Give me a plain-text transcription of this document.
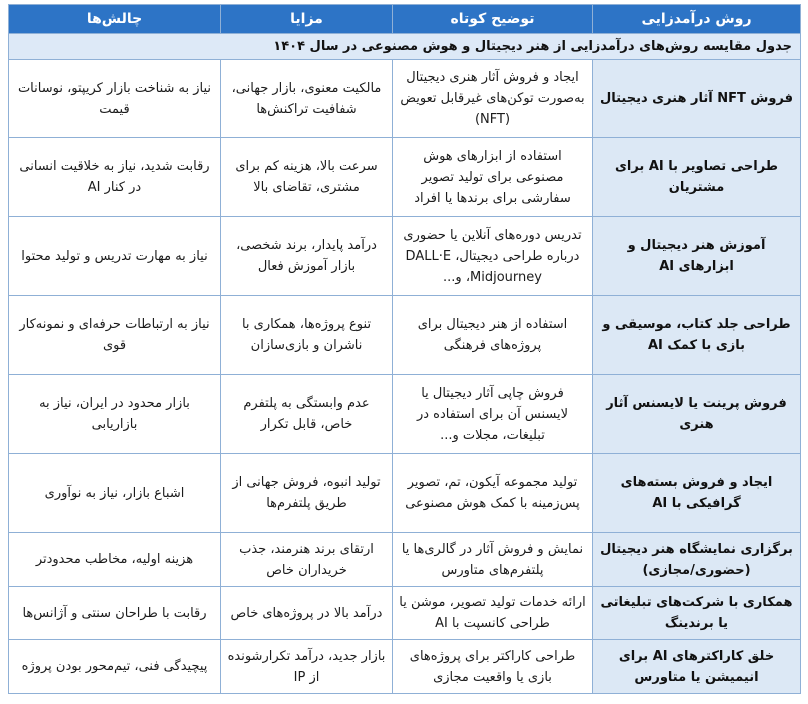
روش درآمدزایی	توضیح کوتاه	مزایا	چالش‌ها
جدول مقایسه روش‌های درآمدزایی از هنر دیجیتال و هوش مصنوعی در سال ۱۴۰۴			
فروش NFT آثار هنری دیجیتال	ایجاد و فروش آثار هنری دیجیتال به‌صورت توکن‌های غیرقابل تعویض (NFT)	مالکیت معنوی، بازار جهانی، شفافیت تراکنش‌ها	نیاز به شناخت بازار کریپتو، نوسانات قیمت
طراحی تصاویر با AI برای مشتریان	استفاده از ابزارهای هوش مصنوعی برای تولید تصویر سفارشی برای برندها یا افراد	سرعت بالا، هزینه کم برای مشتری، تقاضای بالا	رقابت شدید، نیاز به خلاقیت انسانی در کنار AI
آموزش هنر دیجیتال و ابزارهای AI	تدریس دوره‌های آنلاین یا حضوری درباره طراحی دیجیتال، DALL·E ،Midjourney و...	درآمد پایدار، برند شخصی، بازار آموزش فعال	نیاز به مهارت تدریس و تولید محتوا
طراحی جلد کتاب، موسیقی و بازی با کمک AI	استفاده از هنر دیجیتال برای پروژه‌های فرهنگی	تنوع پروژه‌ها، همکاری با ناشران و بازی‌سازان	نیاز به ارتباطات حرفه‌ای و نمونه‌کار قوی
فروش پرینت یا لایسنس آثار هنری	فروش چاپی آثار دیجیتال یا لایسنس آن برای استفاده در تبلیغات، مجلات و...	عدم وابستگی به پلتفرم خاص، قابل تکرار	بازار محدود در ایران، نیاز به بازاریابی
ایجاد و فروش بسته‌های گرافیکی با AI	تولید مجموعه آیکون، تم، تصویر پس‌زمینه با کمک هوش مصنوعی	تولید انبوه، فروش جهانی از طریق پلتفرم‌ها	اشباع بازار، نیاز به نوآوری
برگزاری نمایشگاه هنر دیجیتال (حضوری/مجازی)	نمایش و فروش آثار در گالری‌ها یا پلتفرم‌های متاورس	ارتقای برند هنرمند، جذب خریداران خاص	هزینه اولیه، مخاطب محدودتر
همکاری با شرکت‌های تبلیغاتی یا برندینگ	ارائه خدمات تولید تصویر، موشن یا طراحی کانسپت با AI	درآمد بالا در پروژه‌های خاص	رقابت با طراحان سنتی و آژانس‌ها
خلق کاراکترهای AI برای انیمیشن یا متاورس	طراحی کاراکتر برای پروژه‌های بازی یا واقعیت مجازی	بازار جدید، درآمد تکرارشونده از IP	پیچیدگی فنی، تیم‌محور بودن پروژه
